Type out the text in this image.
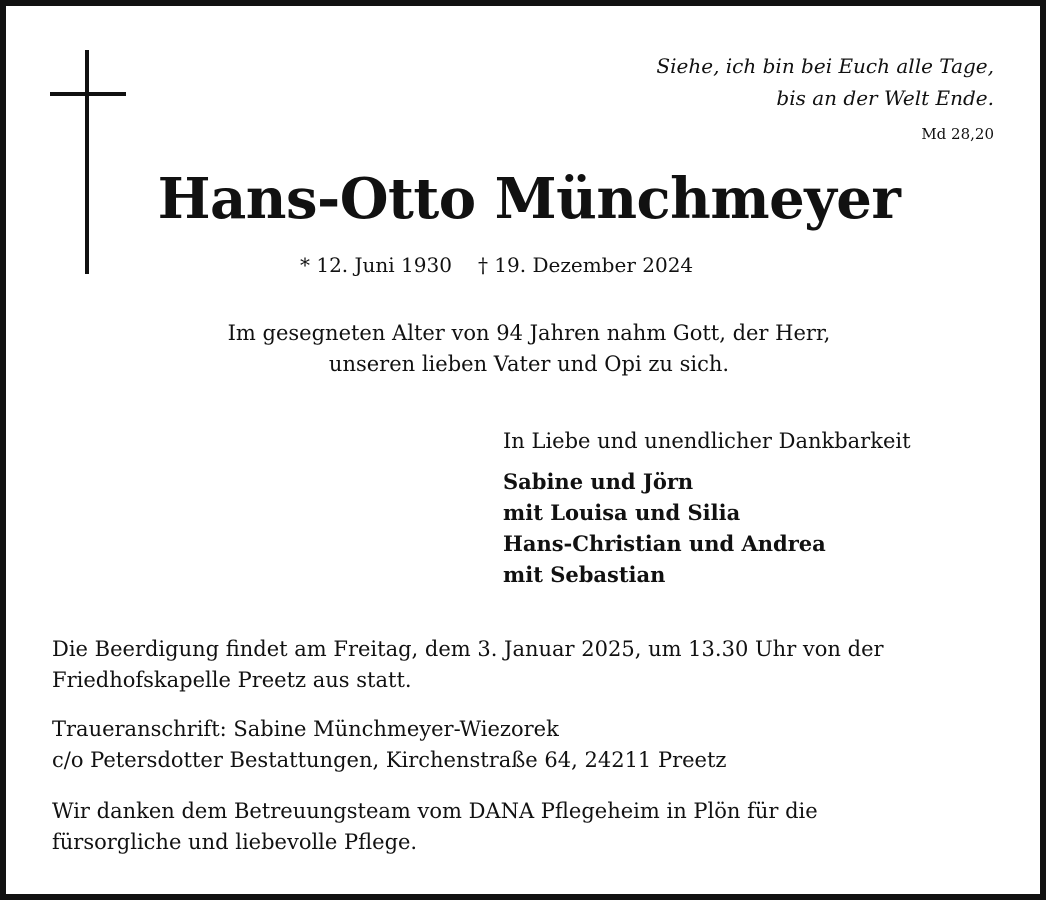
Siehe, ich bin bei Euch alle Tage,
bis an der Welt Ende.
Md 28,20
Hans-Otto Münchmeyer
* 12. Juni 1930 † 19. Dezember 2024
Im gesegneten Alter von 94 Jahren nahm Gott, der Herr,
unseren lieben Vater und Opi zu sich.
In Liebe und unendlicher Dankbarkeit
Sabine und Jörn
mit Louisa und Silia
Hans-Christian und Andrea
mit Sebastian
Die Beerdigung findet am Freitag, dem 3. Januar 2025, um 13.30 Uhr von der
Friedhofskapelle Preetz aus statt.
Traueranschrift: Sabine Münchmeyer-Wiezorek
c/o Petersdotter Bestattungen, Kirchenstraße 64, 24211 Preetz
Wir danken dem Betreuungsteam vom DANA Pflegeheim in Plön für die
fürsorgliche und liebevolle Pflege.
